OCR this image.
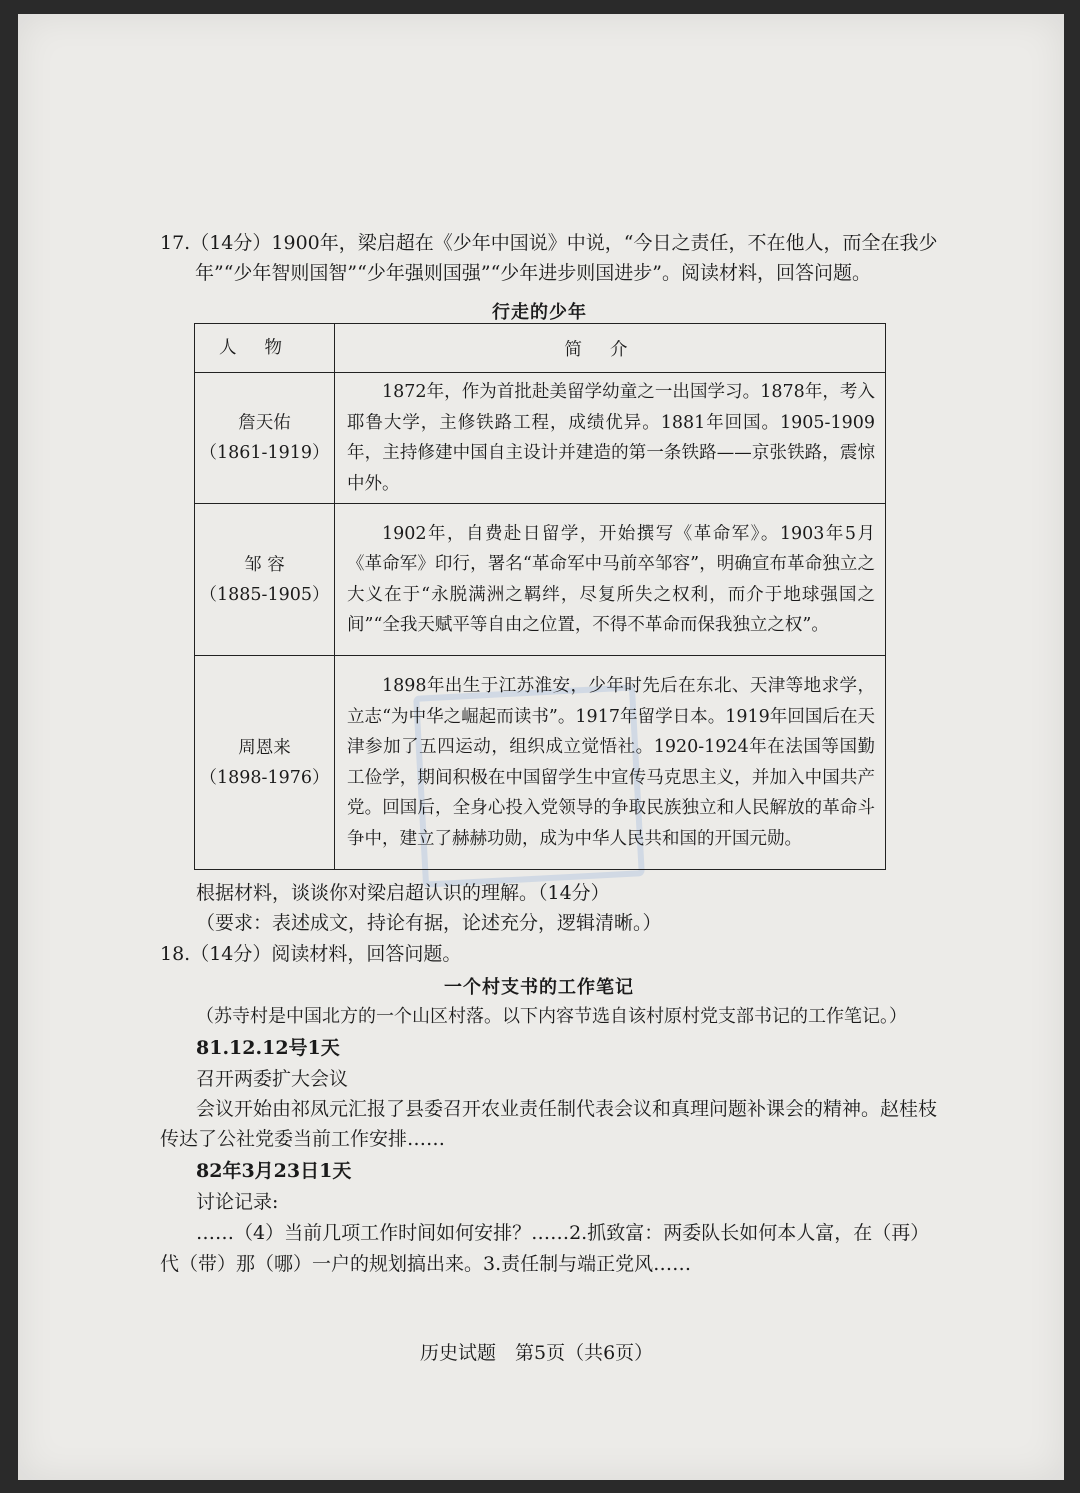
17.（14分）1900年，梁启超在《少年中国说》中说，“今日之责任，不在他人，而全在我少
年”“少年智则国智”“少年强则国强”“少年进步则国进步”。阅读材料，回答问题。
行走的少年
人物	简介

詹天佑
（1861-1919）	1872年，作为首批赴美留学幼童之一出国学习。1878年，考入耶鲁大学，主修铁路工程，成绩优异。1881年回国。1905-1909年，主持修建中国自主设计并建造的第一条铁路——京张铁路，震惊中外。

邹 容
（1885-1905）	1902年，自费赴日留学，开始撰写《革命军》。1903年5月《革命军》印行，署名“革命军中马前卒邹容”，明确宣布革命独立之大义在于“永脱满洲之羁绊，尽复所失之权利，而介于地球强国之间”“全我天赋平等自由之位置，不得不革命而保我独立之权”。

周恩来
（1898-1976）	1898年出生于江苏淮安，少年时先后在东北、天津等地求学，立志“为中华之崛起而读书”。1917年留学日本。1919年回国后在天津参加了五四运动，组织成立觉悟社。1920-1924年在法国等国勤工俭学，期间积极在中国留学生中宣传马克思主义，并加入中国共产党。回国后，全身心投入党领导的争取民族独立和人民解放的革命斗争中，建立了赫赫功勋，成为中华人民共和国的开国元勋。

根据材料，谈谈你对梁启超认识的理解。（14分）
（要求：表述成文，持论有据，论述充分，逻辑清晰。）
18.（14分）阅读材料，回答问题。
一个村支书的工作笔记
（苏寺村是中国北方的一个山区村落。以下内容节选自该村原村党支部书记的工作笔记。）
81.12.12号1天
召开两委扩大会议
会议开始由祁凤元汇报了县委召开农业责任制代表会议和真理问题补课会的精神。赵桂枝
传达了公社党委当前工作安排……
82年3月23日1天
讨论记录:
……（4）当前几项工作时间如何安排？……2.抓致富：两委队长如何本人富，在（再）
代（带）那（哪）一户的规划搞出来。3.责任制与端正党风……
历史试题　第5页（共6页）
